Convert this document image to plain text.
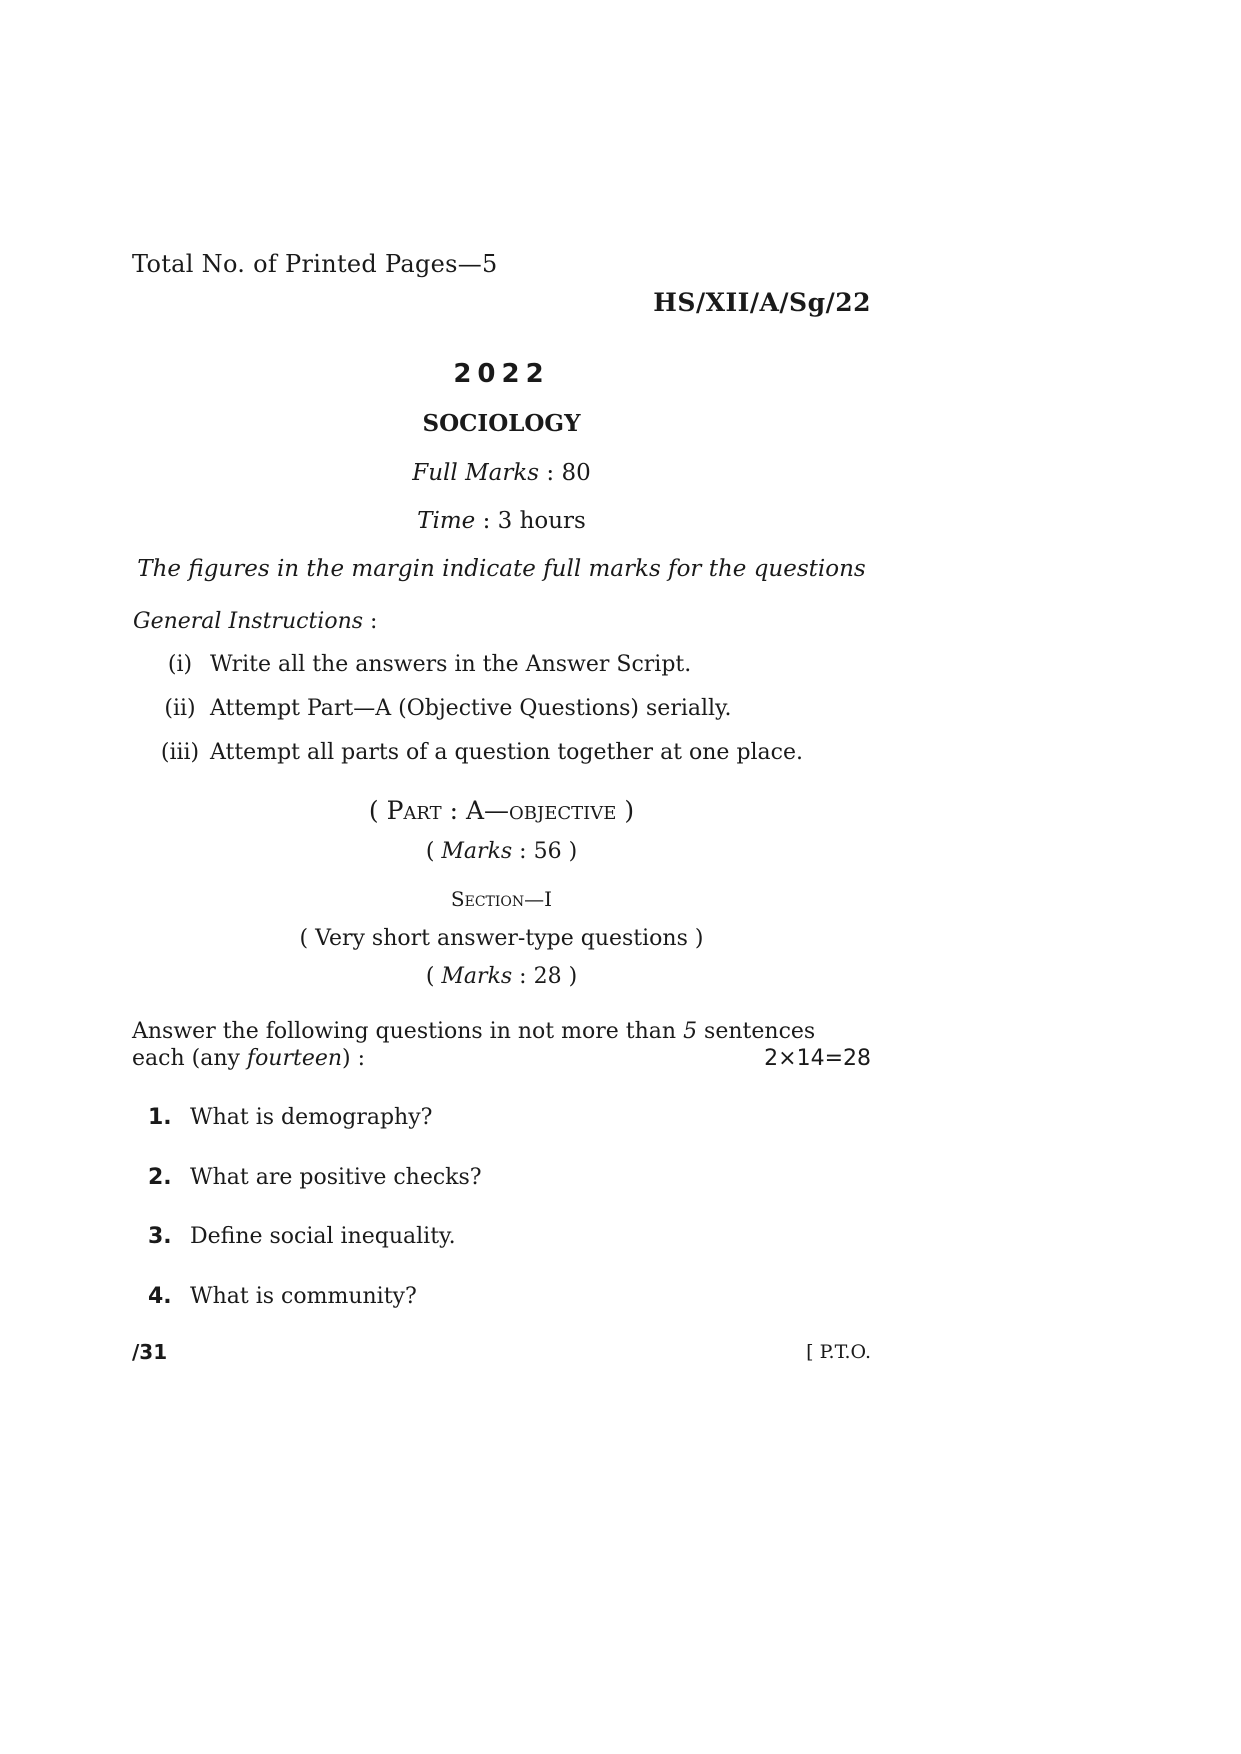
Total No. of Printed Pages—5
HS/XII/A/Sg/22
2022
SOCIOLOGY
Full Marks : 80
Time : 3 hours
The figures in the margin indicate full marks for the questions
General Instructions :
(i) Write all the answers in the Answer Script.
(ii) Attempt Part—A (Objective Questions) serially.
(iii) Attempt all parts of a question together at one place.
( Part : A—objective )
( Marks : 56 )
Section—I
( Very short answer-type questions )
( Marks : 28 )
Answer the following questions in not more than 5 sentences
each (any fourteen) :	2×14=28
1. What is demography?
2. What are positive checks?
3. Define social inequality.
4. What is community?
/31	[ P.T.O.
